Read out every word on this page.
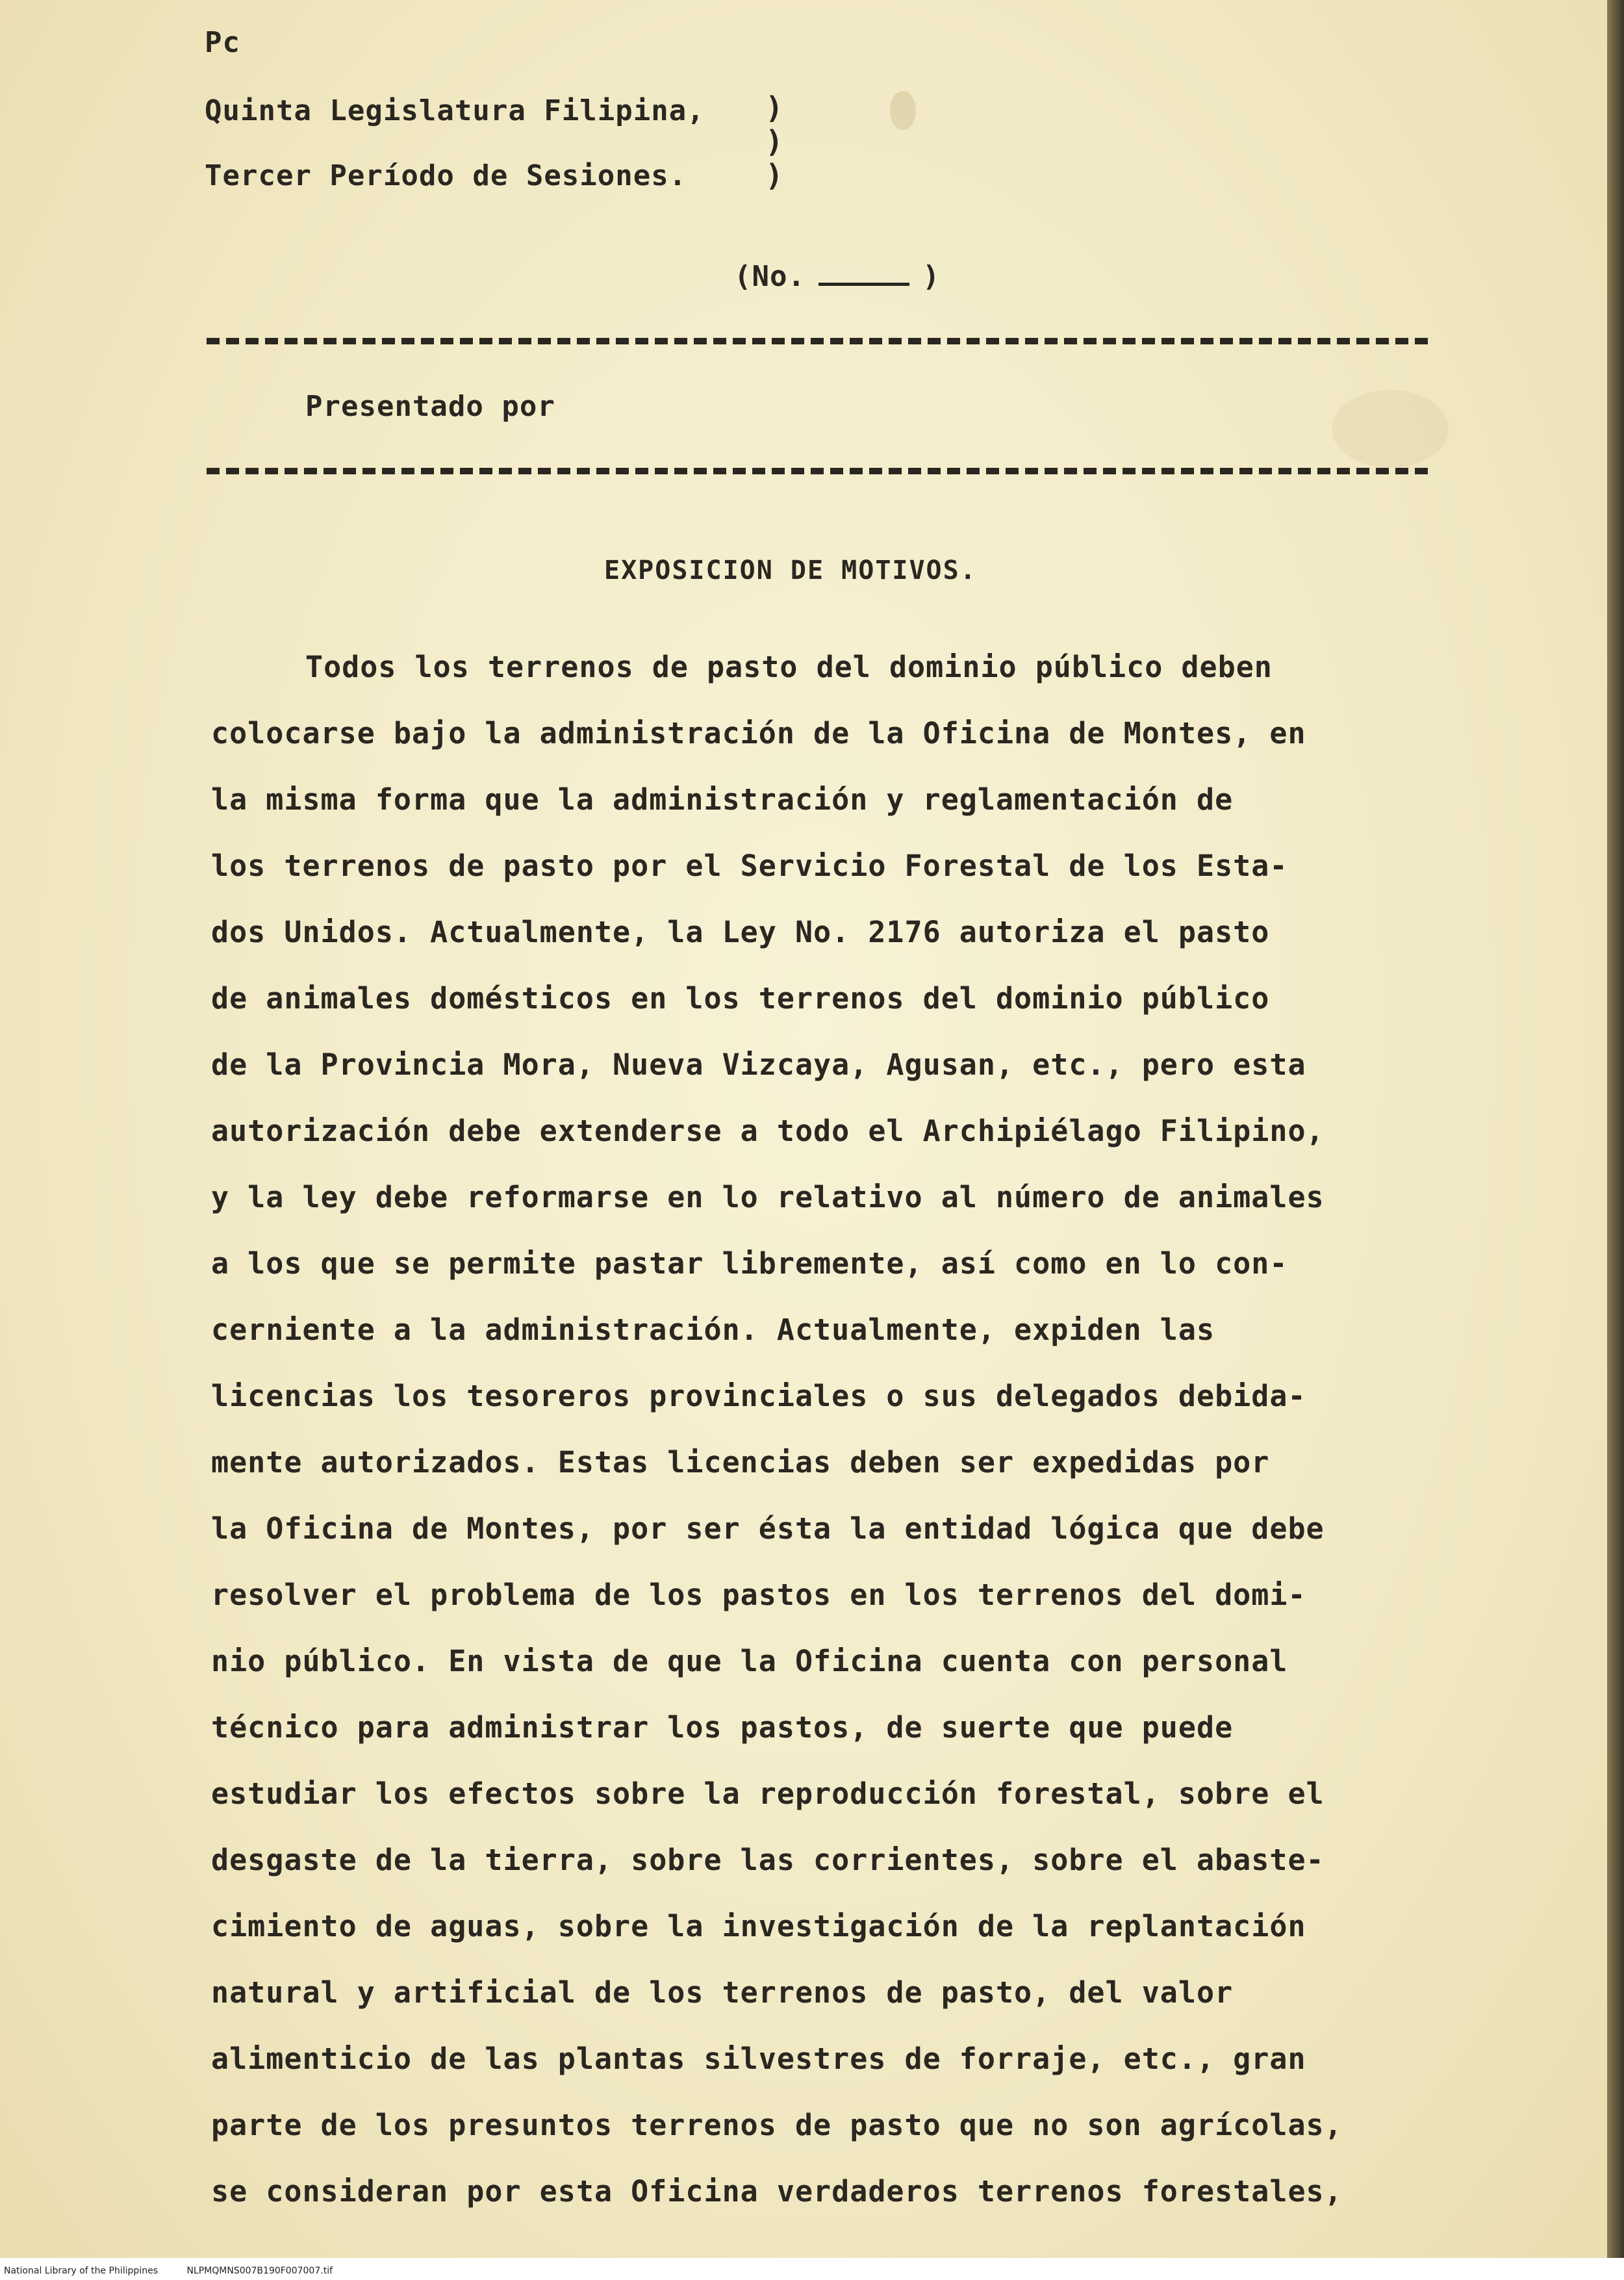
Pc
Quinta Legislatura Filipina,
Tercer Período de Sesiones.
)
)
)
(No.	)
Presentado por
EXPOSICION DE MOTIVOS.
Todos los terrenos de pasto del dominio público deben
colocarse bajo la administración de la Oficina de Montes, en
la misma forma que la administración y reglamentación de
los terrenos de pasto por el Servicio Forestal de los Esta-
dos Unidos. Actualmente, la Ley No. 2176 autoriza el pasto
de animales domésticos en los terrenos del dominio público
de la Provincia Mora, Nueva Vizcaya, Agusan, etc., pero esta
autorización debe extenderse a todo el Archipiélago Filipino,
y la ley debe reformarse en lo relativo al número de animales
a los que se permite pastar libremente, así como en lo con-
cerniente a la administración. Actualmente, expiden las
licencias los tesoreros provinciales o sus delegados debida-
mente autorizados. Estas licencias deben ser expedidas por
la Oficina de Montes, por ser ésta la entidad lógica que debe
resolver el problema de los pastos en los terrenos del domi-
nio público. En vista de que la Oficina cuenta con personal
técnico para administrar los pastos, de suerte que puede
estudiar los efectos sobre la reproducción forestal, sobre el
desgaste de la tierra, sobre las corrientes, sobre el abaste-
cimiento de aguas, sobre la investigación de la replantación
natural y artificial de los terrenos de pasto, del valor
alimenticio de las plantas silvestres de forraje, etc., gran
parte de los presuntos terrenos de pasto que no son agrícolas,
se consideran por esta Oficina verdaderos terrenos forestales,
National Library of the Philippines	NLPMQMNS007B190F007007.tif
